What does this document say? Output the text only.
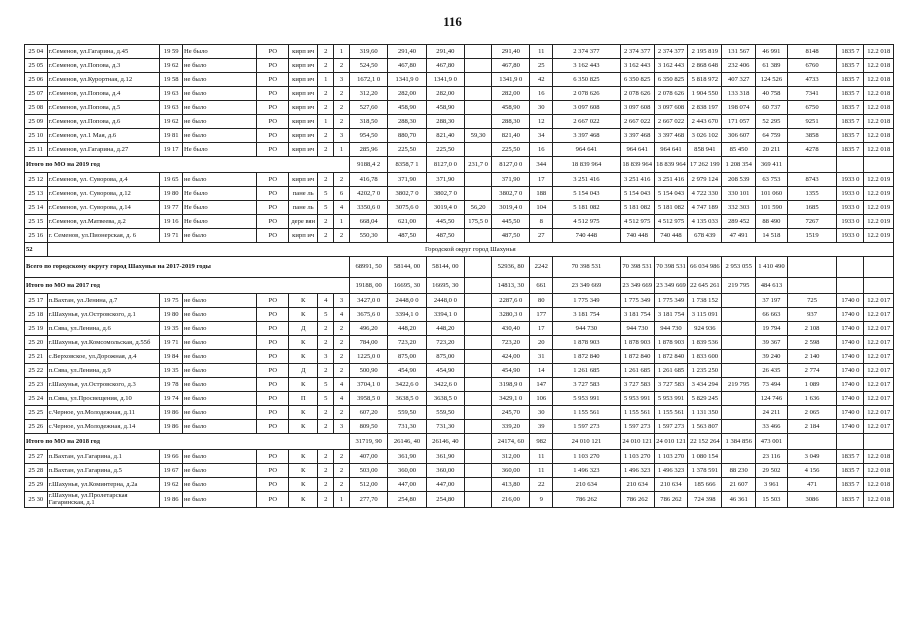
116
25 04	г.Семенов, ул.Гагарина, д.45	19 59	Не было	РО	кирп ич	2	1	319,60	291,40	291,40		291,40	11	2 374 377	2 374 377	2 374 377	2 195 819	131 567	46 991	8148	1835 7	12.2 018
25 05	г.Семенов, ул.Попова, д.3	19 62	не было	РО	кирп ич	2	2	524,50	467,80	467,80		467,80	25	3 162 443	3 162 443	3 162 443	2 868 648	232 406	61 389	6760	1835 7	12.2 018
25 06	г.Семенов, ул.Курортная, д.12	19 58	не было	РО	кирп ич	1	3	1672,1 0	1341,9 0	1341,9 0		1341,9 0	42	6 350 825	6 350 825	6 350 825	5 818 972	407 327	124 526	4733	1835 7	12.2 018
25 07	г.Семенов, ул.Попова, д.4	19 63	не было	РО	кирп ич	2	2	312,20	282,00	282,00		282,00	16	2 078 626	2 078 626	2 078 626	1 904 550	133 318	40 758	7341	1835 7	12.2 018
25 08	г.Семенов, ул.Попова, д.5	19 63	не было	РО	кирп ич	2	2	527,60	458,90	458,90		458,90	30	3 097 608	3 097 608	3 097 608	2 838 197	198 074	60 737	6750	1835 7	12.2 018
25 09	г.Семенов, ул.Попова, д.6	19 62	не было	РО	кирп ич	1	2	318,50	288,30	288,30		288,30	12	2 667 022	2 667 022	2 667 022	2 443 670	171 057	52 295	9251	1835 7	12.2 018
25 10	г.Семенов, ул.1 Мая, д.6	19 81	не было	РО	кирп ич	2	3	954,50	880,70	821,40	59,30	821,40	34	3 397 468	3 397 468	3 397 468	3 026 102	306 607	64 759	3858	1835 7	12.2 018
25 11	г.Семенов, ул.Гагарина, д.27	19 17	Не было	РО	кирп ич	2	1	285,96	225,50	225,50		225,50	16	964 641	964 641	964 641	858 941	85 450	20 211	4278	1835 7	12.2 018
Итого по МО на 2019 год								9188,4 2	8358,7 1	8127,0 0	231,7 0	8127,0 0	344	18 839 964	18 839 964	18 839 964	17 262 199	1 208 354	369 411			
25 12	г.Семенов, ул. Суворова, д.4	19 65	не было	РО	кирп ич	2	2	416,78	371,90	371,90		371,90	17	3 251 416	3 251 416	3 251 416	2 979 124	208 539	63 753	8743	1933 0	12.2 019
25 13	г.Семенов, ул. Суворова, д.12	19 80	Не было	РО	пане ль	5	6	4202,7 0	3802,7 0	3802,7 0		3802,7 0	188	5 154 043	5 154 043	5 154 043	4 722 330	330 101	101 060	1355	1933 0	12.2 019
25 14	г.Семенов, ул. Суворова, д.14	19 77	Не было	РО	пане ль	5	4	3350,6 0	3075,6 0	3019,4 0	56,20	3019,4 0	104	5 181 082	5 181 082	5 181 082	4 747 189	332 303	101 590	1685	1933 0	12.2 019
25 15	г.Семенов, ул.Матвеева, д.2	19 16	Не было	РО	дере вян	2	1	668,04	621,00	445,50	175,5 0	445,50	8	4 512 975	4 512 975	4 512 975	4 135 033	289 452	88 490	7267	1933 0	12.2 019
25 16	г. Семенов, ул.Пионерская, д. 6	19 71	не было	РО	кирп ич	2	2	550,30	487,50	487,50		487,50	27	740 448	740 448	740 448	678 439	47 491	14 518	1519	1933 0	12.2 019
52	Городской округ город Шахунья																					
Всего по городскому округу город Шахунья на 2017-2019 годы								68991, 50	58144, 00	58144, 00		52936, 80	2242	70 398 531	70 398 531	70 398 531	66 034 986	2 953 055	1 410 490			
Итого по МО на 2017 год								19188, 00	16695, 30	16695, 30		14813, 30	661	23 349 669	23 349 669	23 349 669	22 645 261	219 795	484 613			
25 17	п.Вахтан, ул.Ленина, д.7	19 75	не было	РО	К	4	3	3427,0 0	2448,0 0	2448,0 0		2287,6 0	80	1 775 349	1 775 349	1 775 349	1 738 152		37 197	725	1740 0	12.2 017
25 18	г.Шахунья, ул.Островского, д.1	19 80	не было	РО	К	5	4	3675,6 0	3394,1 0	3394,1 0		3280,3 0	177	3 181 754	3 181 754	3 181 754	3 115 091		66 663	937	1740 0	12.2 017
25 19	п.Сява, ул.Ленина, д.6	19 35	не было	РО	Д	2	2	496,20	448,20	448,20		430,40	17	944 730	944 730	944 730	924 936		19 794	2 108	1740 0	12.2 017
25 20	г.Шахунья, ул.Комсомольская, д.55б	19 71	не было	РО	К	2	2	784,00	723,20	723,20		723,20	20	1 878 903	1 878 903	1 878 903	1 839 536		39 367	2 598	1740 0	12.2 017
25 21	с.Верховское, ул.Дорожная, д.4	19 84	не было	РО	К	3	2	1225,0 0	875,00	875,00		424,00	31	1 872 840	1 872 840	1 872 840	1 833 600		39 240	2 140	1740 0	12.2 017
25 22	п.Сява, ул.Ленина, д.9	19 35	не было	РО	Д	2	2	500,90	454,90	454,90		454,90	14	1 261 685	1 261 685	1 261 685	1 235 250		26 435	2 774	1740 0	12.2 017
25 23	г.Шахунья, ул.Островского, д.3	19 78	не было	РО	К	5	4	3704,1 0	3422,6 0	3422,6 0		3198,9 0	147	3 727 583	3 727 583	3 727 583	3 434 294	219 795	73 494	1 089	1740 0	12.2 017
25 24	п.Сява, ул.Просвещения, д.10	19 74	не было	РО	П	5	4	3958,5 0	3638,5 0	3638,5 0		3429,1 0	106	5 953 991	5 953 991	5 953 991	5 829 245		124 746	1 636	1740 0	12.2 017
25 25	с.Черное, ул.Молодежная, д.11	19 86	не было	РО	К	2	2	607,20	559,50	559,50		245,70	30	1 155 561	1 155 561	1 155 561	1 131 350		24 211	2 065	1740 0	12.2 017
25 26	с.Черное, ул.Молодежная, д.14	19 86	не было	РО	К	2	3	809,50	731,30	731,30		339,20	39	1 597 273	1 597 273	1 597 273	1 563 807		33 466	2 184	1740 0	12.2 017
Итого по МО на 2018 год								31719, 90	26146, 40	26146, 40		24174, 60	982	24 010 121	24 010 121	24 010 121	22 152 264	1 384 856	473 001			
25 27	п.Вахтан, ул.Гагарина, д.1	19 66	не было	РО	К	2	2	407,00	361,90	361,90		312,00	11	1 103 270	1 103 270	1 103 270	1 080 154		23 116	3 049	1835 7	12.2 018
25 28	п.Вахтан, ул.Гагарина, д.5	19 67	не было	РО	К	2	2	503,00	360,00	360,00		360,00	11	1 496 323	1 496 323	1 496 323	1 378 591	88 230	29 502	4 156	1835 7	12.2 018
25 29	г.Шахунья, ул.Коминтерна, д.2а	19 62	не было	РО	К	2	2	512,00	447,00	447,00		413,80	22	210 634	210 634	210 634	185 666	21 607	3 961	471	1835 7	12.2 018
25 30	г.Шахунья, ул.Пролетарская Гагаринская, д.1	19 86	не было	РО	К	2	1	277,70	254,80	254,80		216,00	9	786 262	786 262	786 262	724 398	46 361	15 503	3086	1835 7	12.2 018
